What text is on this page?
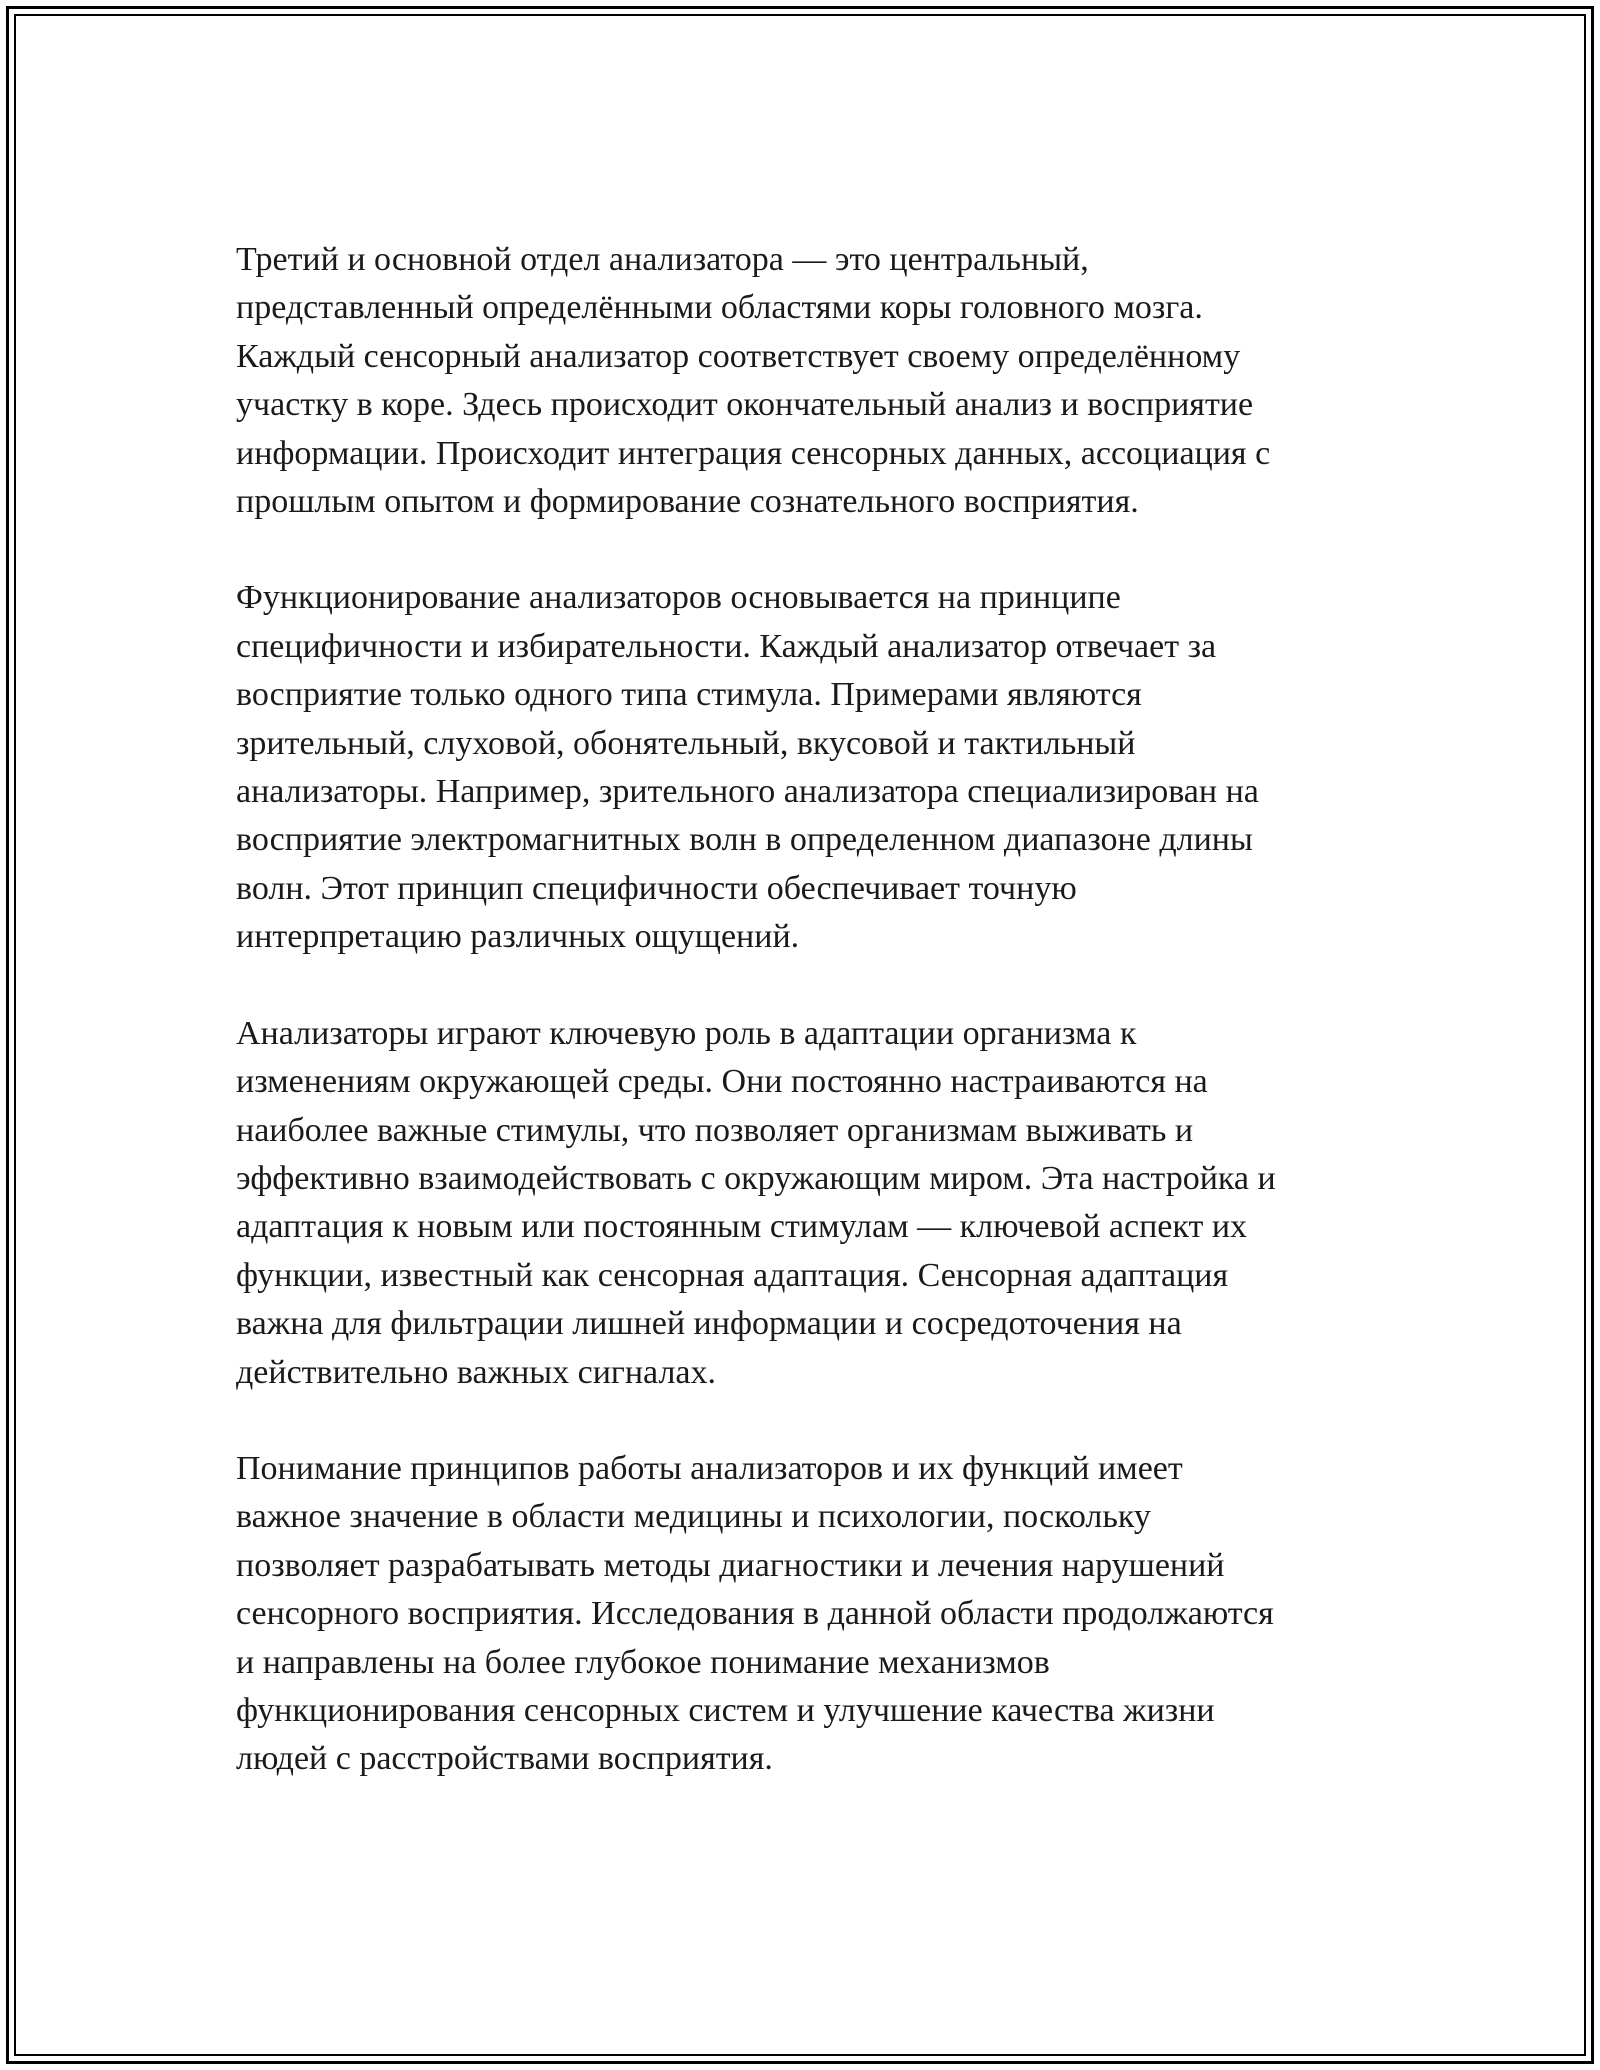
Третий и основной отдел анализатора — это центральный,
представленный определёнными областями коры головного мозга.
Каждый сенсорный анализатор соответствует своему определённому
участку в коре. Здесь происходит окончательный анализ и восприятие
информации. Происходит интеграция сенсорных данных, ассоциация с
прошлым опытом и формирование сознательного восприятия.

Функционирование анализаторов основывается на принципе
специфичности и избирательности. Каждый анализатор отвечает за
восприятие только одного типа стимула. Примерами являются
зрительный, слуховой, обонятельный, вкусовой и тактильный
анализаторы. Например, зрительного анализатора специализирован на
восприятие электромагнитных волн в определенном диапазоне длины
волн. Этот принцип специфичности обеспечивает точную
интерпретацию различных ощущений.

Анализаторы играют ключевую роль в адаптации организма к
изменениям окружающей среды. Они постоянно настраиваются на
наиболее важные стимулы, что позволяет организмам выживать и
эффективно взаимодействовать с окружающим миром. Эта настройка и
адаптация к новым или постоянным стимулам — ключевой аспект их
функции, известный как сенсорная адаптация. Сенсорная адаптация
важна для фильтрации лишней информации и сосредоточения на
действительно важных сигналах.

Понимание принципов работы анализаторов и их функций имеет
важное значение в области медицины и психологии, поскольку
позволяет разрабатывать методы диагностики и лечения нарушений
сенсорного восприятия. Исследования в данной области продолжаются
и направлены на более глубокое понимание механизмов
функционирования сенсорных систем и улучшение качества жизни
людей с расстройствами восприятия.
